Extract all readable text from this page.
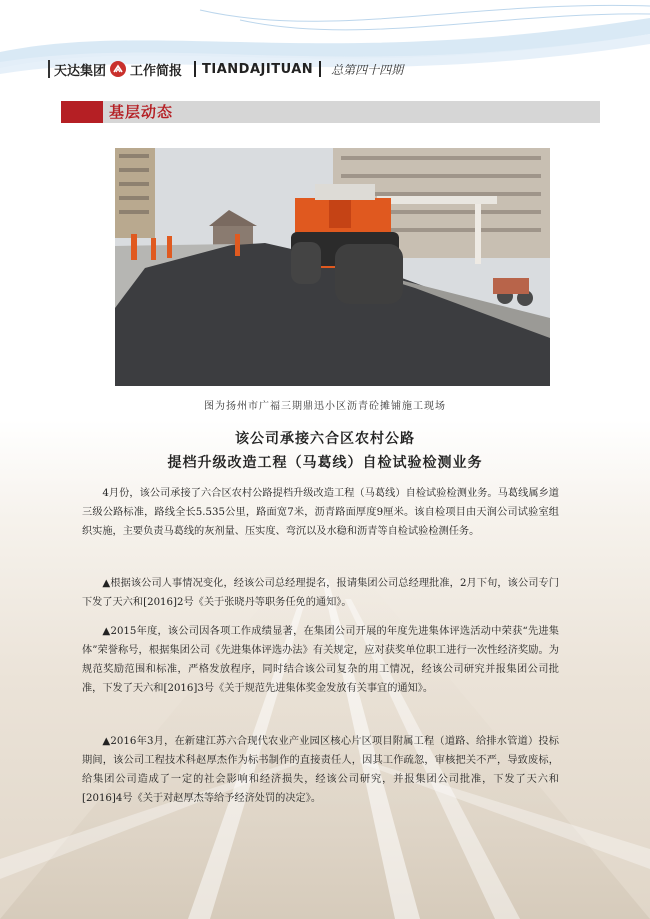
天达集团 工作简报 TIANDAJITUAN 总第四十四期
基层动态
图为扬州市广福三期鼎迅小区沥青砼摊铺施工现场
该公司承接六合区农村公路
提档升级改造工程（马葛线）自检试验检测业务

4月份，该公司承接了六合区农村公路提档升级改造工程（马葛线）自检试验检测业务。马葛线属乡道三级公路标准，路线全长5.535公里，路面宽7米，沥青路面厚度9厘米。该自检项目由天润公司试验室组织实施，主要负责马葛线的灰剂量、压实度、弯沉以及水稳和沥青等自检试验检测任务。

▲根据该公司人事情况变化，经该公司总经理提名，报请集团公司总经理批准，2月下旬，该公司专门下发了天六和[2016]2号《关于张晓丹等职务任免的通知》。

▲2015年度，该公司因各项工作成绩显著，在集团公司开展的年度先进集体评选活动中荣获“先进集体”荣誉称号，根据集团公司《先进集体评选办法》有关规定，应对获奖单位职工进行一次性经济奖励。为规范奖励范围和标准，严格发放程序，同时结合该公司复杂的用工情况，经该公司研究并报集团公司批准，下发了天六和[2016]3号《关于规范先进集体奖金发放有关事宜的通知》。

▲2016年3月，在新建江苏六合现代农业产业园区核心片区项目附属工程（道路、给排水管道）投标期间，该公司工程技术科赵厚杰作为标书制作的直接责任人，因其工作疏忽，审核把关不严，导致废标，给集团公司造成了一定的社会影响和经济损失，经该公司研究，并报集团公司批准，下发了天六和[2016]4号《关于对赵厚杰等给予经济处罚的决定》。
